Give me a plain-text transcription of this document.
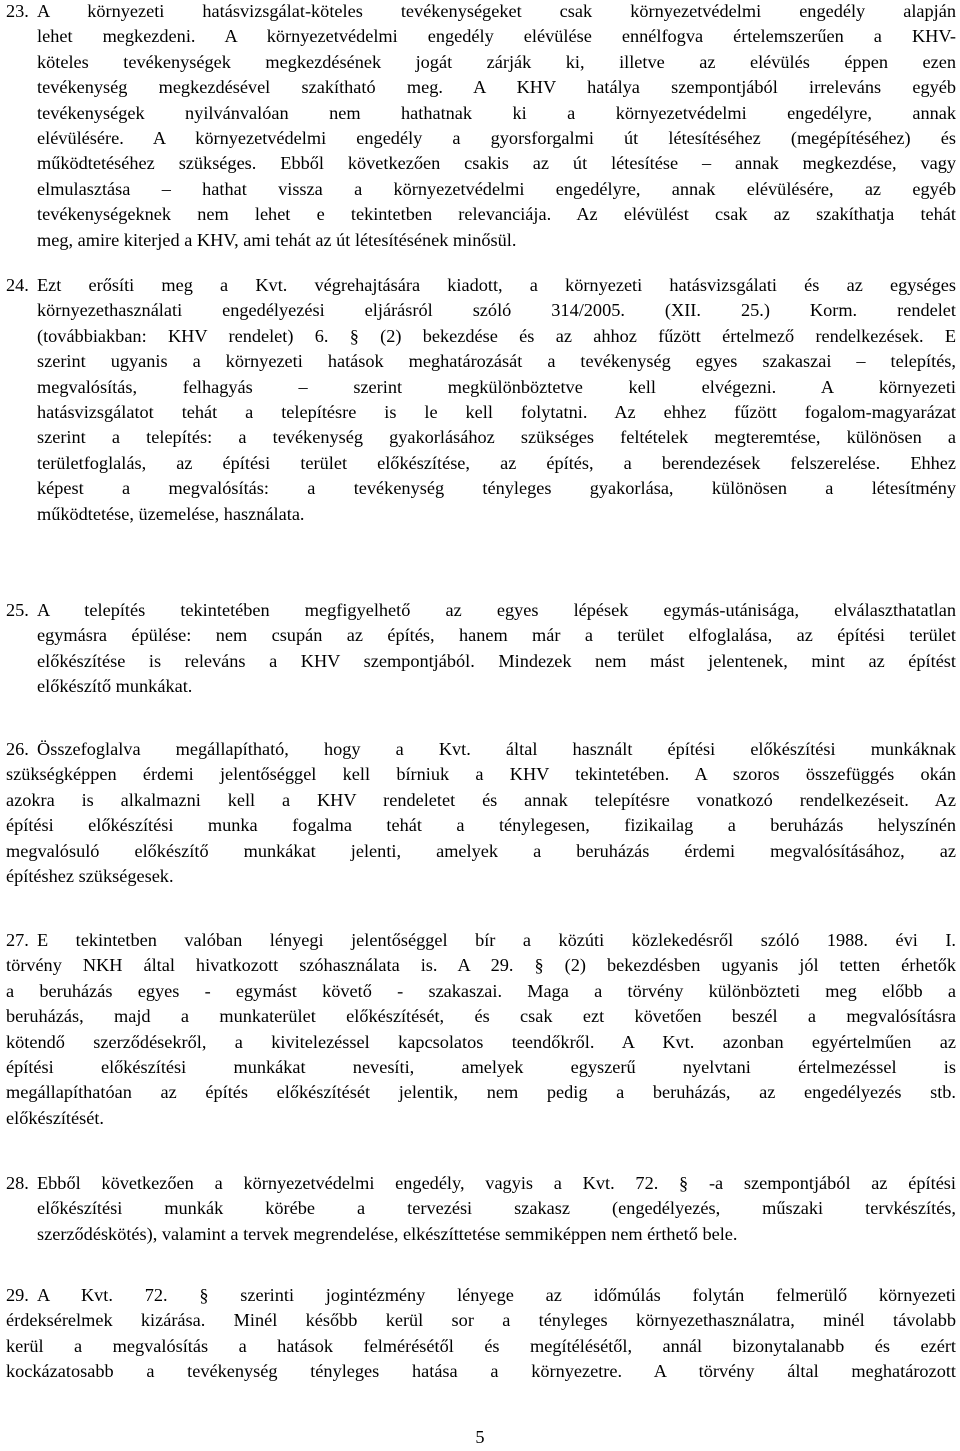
23. A környezeti hatásvizsgálat-köteles tevékenységeket csak környezetvédelmi engedély alapján
lehet megkezdeni. A környezetvédelmi engedély elévülése ennélfogva értelemszerűen a KHV-
köteles tevékenységek megkezdésének jogát zárják ki, illetve az elévülés éppen ezen
tevékenység megkezdésével szakítható meg. A KHV hatálya szempontjából irreleváns egyéb
tevékenységek nyilvánvalóan nem hathatnak ki a környezetvédelmi engedélyre, annak
elévülésére. A környezetvédelmi engedély a gyorsforgalmi út létesítéséhez (megépítéséhez) és
működtetéséhez szükséges. Ebből következően csakis az út létesítése – annak megkezdése, vagy
elmulasztása – hathat vissza a környezetvédelmi engedélyre, annak elévülésére, az egyéb
tevékenységeknek nem lehet e tekintetben relevanciája. Az elévülést csak az szakíthatja tehát
meg, amire kiterjed a KHV, ami tehát az út létesítésének minősül.
24. Ezt erősíti meg a Kvt. végrehajtására kiadott, a környezeti hatásvizsgálati és az egységes
környezethasználati engedélyezési eljárásról szóló 314/2005. (XII. 25.) Korm. rendelet
(továbbiakban: KHV rendelet) 6. § (2) bekezdése és az ahhoz fűzött értelmező rendelkezések. E
szerint ugyanis a környezeti hatások meghatározását a tevékenység egyes szakaszai – telepítés,
megvalósítás, felhagyás – szerint megkülönböztetve kell elvégezni. A környezeti
hatásvizsgálatot tehát a telepítésre is le kell folytatni. Az ehhez fűzött fogalom-magyarázat
szerint a telepítés: a tevékenység gyakorlásához szükséges feltételek megteremtése, különösen a
területfoglalás, az építési terület előkészítése, az építés, a berendezések felszerelése. Ehhez
képest a megvalósítás: a tevékenység tényleges gyakorlása, különösen a létesítmény
működtetése, üzemelése, használata.
25. A telepítés tekintetében megfigyelhető az egyes lépések egymás-utánisága, elválaszthatatlan
egymásra épülése: nem csupán az építés, hanem már a terület elfoglalása, az építési terület
előkészítése is releváns a KHV szempontjából. Mindezek nem mást jelentenek, mint az építést
előkészítő munkákat.
26. Összefoglalva megállapítható, hogy a Kvt. által használt építési előkészítési munkáknak
szükségképpen érdemi jelentőséggel kell bírniuk a KHV tekintetében. A szoros összefüggés okán
azokra is alkalmazni kell a KHV rendeletet és annak telepítésre vonatkozó rendelkezéseit. Az
építési előkészítési munka fogalma tehát a ténylegesen, fizikailag a beruházás helyszínén
megvalósuló előkészítő munkákat jelenti, amelyek a beruházás érdemi megvalósításához, az
építéshez szükségesek.
27. E tekintetben valóban lényegi jelentőséggel bír a közúti közlekedésről szóló 1988. évi I.
törvény NKH által hivatkozott szóhasználata is. A 29. § (2) bekezdésben ugyanis jól tetten érhetők
a beruházás egyes - egymást követő - szakaszai. Maga a törvény különbözteti meg előbb a
beruházás, majd a munkaterület előkészítését, és csak ezt követően beszél a megvalósításra
kötendő szerződésekről, a kivitelezéssel kapcsolatos teendőkről. A Kvt. azonban egyértelműen az
építési előkészítési munkákat nevesíti, amelyek egyszerű nyelvtani értelmezéssel is
megállapíthatóan az építés előkészítését jelentik, nem pedig a beruházás, az engedélyezés stb.
előkészítését.
28. Ebből következően a környezetvédelmi engedély, vagyis a Kvt. 72. § -a szempontjából az építési
előkészítési munkák körébe a tervezési szakasz (engedélyezés, műszaki tervkészítés,
szerződéskötés), valamint a tervek megrendelése, elkészíttetése semmiképpen nem érthető bele.
29. A Kvt. 72. § szerinti jogintézmény lényege az időmúlás folytán felmerülő környezeti
érdeksérelmek kizárása. Minél később kerül sor a tényleges környezethasználatra, minél távolabb
kerül a megvalósítás a hatások felmérésétől és megítélésétől, annál bizonytalanabb és ezért
kockázatosabb a tevékenység tényleges hatása a környezetre. A törvény által meghatározott
5
